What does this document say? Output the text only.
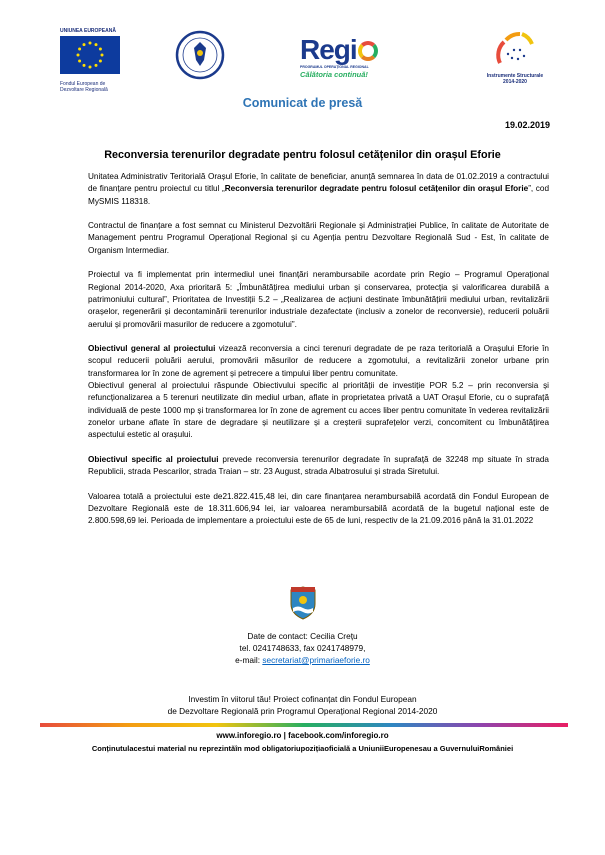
UNIUNEA EUROPEANĂ
Fondul European de
Dezvoltare Regională
Regi
PROGRAMUL OPERAȚIONAL REGIONAL
Călătoria continuă!	Instrumente Structurale
2014-2020
Comunicat de presă
19.02.2019
Reconversia terenurilor degradate pentru folosul cetățenilor din orașul Eforie

Unitatea Administrativ Teritorială Orașul Eforie, în calitate de beneficiar, anunță semnarea în data de 01.02.2019 a contractului de finanțare pentru proiectul cu titlul „Reconversia terenurilor degradate pentru folosul cetățenilor din orașul Eforie”, cod MySMIS 118318.

Contractul de finanțare a fost semnat cu Ministerul Dezvoltării Regionale și Administrației Publice, în calitate de Autoritate de Management pentru Programul Operațional Regional și cu Agenția pentru Dezvoltare Regională Sud - Est, în calitate de Organism Intermediar.

Proiectul va fi implementat prin intermediul unei finanțări nerambursabile acordate prin Regio – Programul Operațional Regional 2014-2020, Axa prioritară 5: „Îmbunătățirea mediului urban și conservarea, protecția și valorificarea durabilă a patrimoniului cultural”, Prioritatea de Investiții 5.2 – „Realizarea de acțiuni destinate îmbunătățirii mediului urban, revitalizării orașelor, regenerării și decontaminării terenurilor industriale dezafectate (inclusiv a zonelor de reconversie), reducerii poluării aerului și promovării masurilor de reducere a zgomotului”.

Obiectivul general al proiectului vizează reconversia a cinci terenuri degradate de pe raza teritorială a Orașului Eforie în scopul reducerii poluării aerului, promovării măsurilor de reducere a zgomotului, a revitalizării zonelor urbane prin transformarea lor în zone de agrement și petrecere a timpului liber pentru comunitate.

Obiectivul general al proiectului răspunde Obiectivului specific al priorității de investiție POR 5.2 – prin reconversia și refuncționalizarea a 5 terenuri neutilizate din mediul urban, aflate in proprietatea privată a UAT Orașul Eforie, cu o suprafață individuală de peste 1000 mp și transformarea lor în zone de agrement cu acces liber pentru comunitate în vederea revitalizării zonelor urbane aflate în stare de degradare și neutilizare și a creșterii suprafețelor verzi, concomitent cu îmbunătățirea aspectului estetic al orașului.

Obiectivul specific al proiectului prevede reconversia terenurilor degradate în suprafață de 32248 mp situate în strada Republicii, strada Pescarilor, strada Traian – str. 23 August, strada Albatrosului și strada Siretului.

Valoarea totală a proiectului este de21.822.415,48 lei, din care finanțarea nerambursabilă acordată din Fondul European de Dezvoltare Regională este de 18.311.606,94 lei, iar valoarea nerambursabilă acordată de la bugetul național este de 2.800.598,69 lei. Perioada de implementare a proiectului este de 65 de luni, respectiv de la 21.09.2016 până la 31.01.2022

Date de contact: Cecilia Crețu
tel. 0241748633, fax 0241748979,
e-mail: secretariat@primariaeforie.ro
Investim în viitorul tău! Proiect cofinanțat din Fondul European
de Dezvoltare Regională prin Programul Operațional Regional 2014-2020
www.inforegio.ro | facebook.com/inforegio.ro
Conținutulacestui material nu reprezintăîn mod obligatoriupozițiaoficială a UniuniiEuropenesau a GuvernuluiRomâniei
